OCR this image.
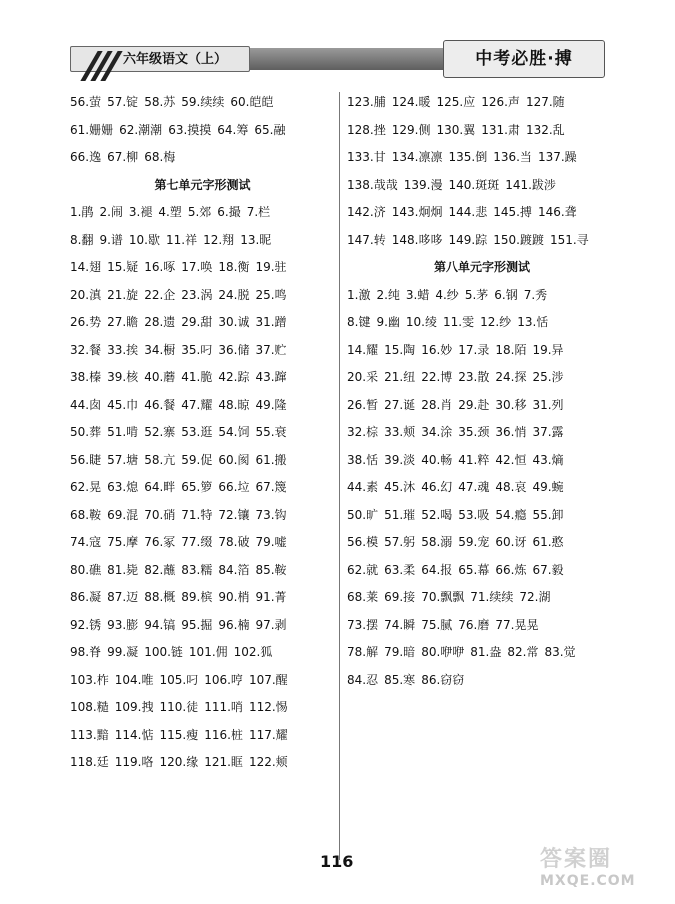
六年级语文（上）	中考必胜·搏
56.萤 57.锭 58.苏 59.续续 60.皑皑
61.姗姗 62.潮潮 63.摸摸 64.筹 65.融
66.逸 67.柳 68.梅
第七单元字形测试
1.鹃 2.闹 3.褪 4.塑 5.郊 6.撮 7.栏
8.翻 9.谱 10.歇 11.祥 12.翔 13.昵
14.翅 15.疑 16.啄 17.唤 18.衡 19.驻
20.滇 21.旋 22.企 23.涡 24.脱 25.鸣
26.势 27.瞻 28.遗 29.甜 30.诚 31.蹭
32.餐 33.挨 34.橱 35.叼 36.储 37.贮
38.榛 39.核 40.蘑 41.脆 42.踪 43.蹿
44.囱 45.巾 46.餐 47.耀 48.晾 49.隆
50.葬 51.啃 52.寨 53.逛 54.饲 55.衰
56.睫 57.塘 58.亢 59.促 60.阂 61.搬
62.晃 63.熄 64.畔 65.箩 66.垃 67.篾
68.鞍 69.混 70.硝 71.特 72.镶 73.钩
74.寇 75.摩 76.冢 77.缀 78.破 79.嘘
80.礁 81.毙 82.蘸 83.糯 84.箔 85.鞍
86.凝 87.迈 88.概 89.槟 90.梢 91.菁
92.锈 93.膨 94.镐 95.掘 96.楠 97.剥
98.脊 99.凝 100.链 101.佣 102.狐
103.柞 104.唯 105.叼 106.哼 107.醒
108.糙 109.拽 110.徒 111.哨 112.惕
113.黯 114.惦 115.瘦 116.桩 117.耀
118.廷 119.咯 120.缘 121.眶 122.颊
123.脯 124.暖 125.应 126.声 127.随
128.挫 129.侧 130.翼 131.肃 132.乱
133.甘 134.凛凛 135.倒 136.当 137.躁
138.哉哉 139.漫 140.斑斑 141.跋涉
142.济 143.炯炯 144.悲 145.搏 146.聋
147.转 148.哆哆 149.踪 150.踱踱 151.寻
第八单元字形测试
1.激 2.纯 3.蜡 4.纱 5.茅 6.钢 7.秀
8.键 9.幽 10.绫 11.雯 12.纱 13.恬
14.耀 15.陶 16.妙 17.录 18.陌 19.异
20.采 21.纽 22.博 23.散 24.探 25.涉
26.暂 27.诞 28.肖 29.赴 30.移 31.列
32.棕 33.颊 34.涂 35.颈 36.悄 37.露
38.恬 39.淡 40.畅 41.粹 42.恒 43.熵
44.素 45.沐 46.幻 47.魂 48.哀 49.蜿
50.旷 51.璀 52.喝 53.吸 54.瘾 55.卸
56.模 57.躬 58.溺 59.宠 60.讶 61.憨
62.就 63.柔 64.报 65.幕 66.炼 67.毅
68.莱 69.接 70.飘飘 71.续续 72.湖
73.摆 74.瞬 75.腻 76.磨 77.晃晃
78.解 79.暗 80.咿咿 81.盎 82.常 83.觉
84.忍 85.寒 86.窃窃
116	答案圈
MXQE.COM
